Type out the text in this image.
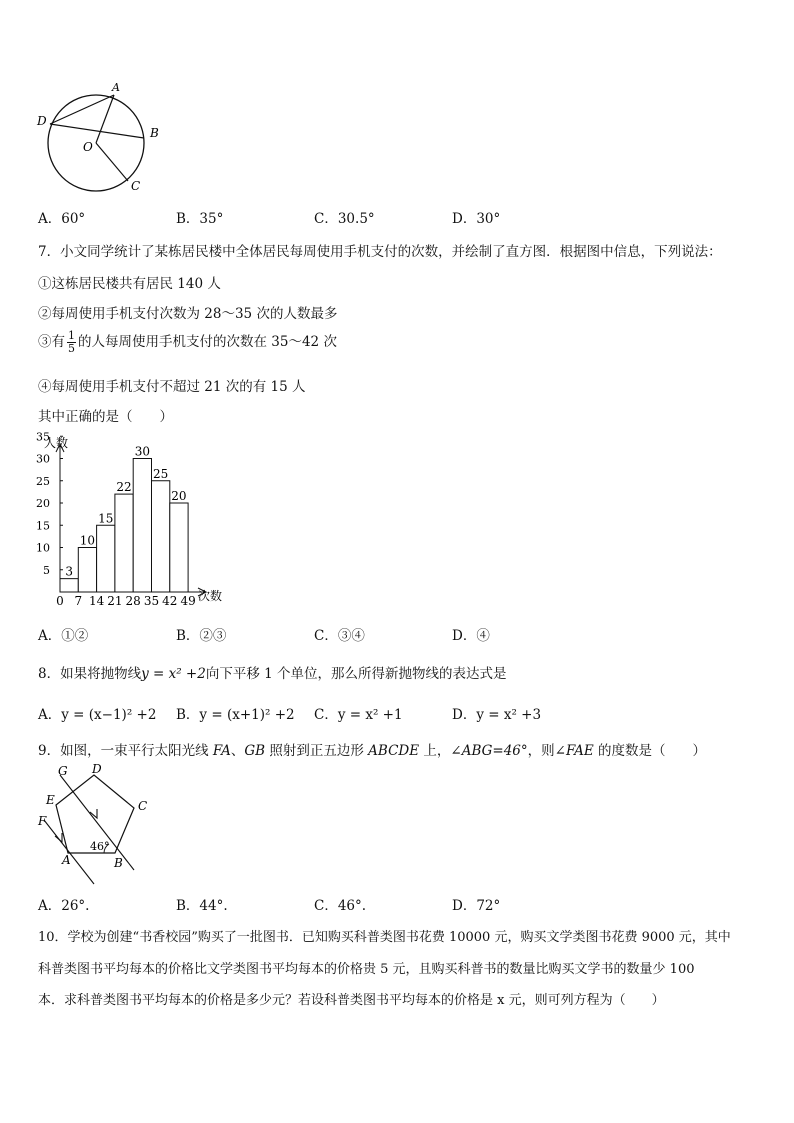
A
B
C
D
O
A．60°	B．35°	C．30.5°	D．30°
7．小文同学统计了某栋居民楼中全体居民每周使用手机支付的次数，并绘制了直方图．根据图中信息，下列说法：
①这栋居民楼共有居民 140 人
②每周使用手机支付次数为 28～35 次的人数最多
③有 $\frac{1}{5}$ 的人每周使用手机支付的次数在 35～42 次
④每周使用手机支付不超过 21 次的有 15 人
其中正确的是（　　）
5
10
15
20
25
30
35
3
10
15
22
30
25
20
0 7 14 21 28 35 42 49
人数
次数
A．①②	B．②③	C．③④	D．④
8．如果将抛物线y = x² +2向下平移 1 个单位，那么所得新抛物线的表达式是
A．y = (x−1)² +2 B．y = (x+1)² +2 C．y = x² +1	D．y = x² +3
9．如图，一束平行太阳光线 FA、GB 照射到正五边形 ABCDE 上，∠ABG=46°，则∠FAE 的度数是（　　）
G D
E	C
F
A	B
46°
A．26°.	B．44°.	C．46°.	D．72°
10．学校为创建“书香校园”购买了一批图书．已知购买科普类图书花费 10000 元，购买文学类图书花费 9000 元，其中
科普类图书平均每本的价格比文学类图书平均每本的价格贵 5 元，且购买科普书的数量比购买文学书的数量少 100
本．求科普类图书平均每本的价格是多少元？若设科普类图书平均每本的价格是 x 元，则可列方程为（　　）
